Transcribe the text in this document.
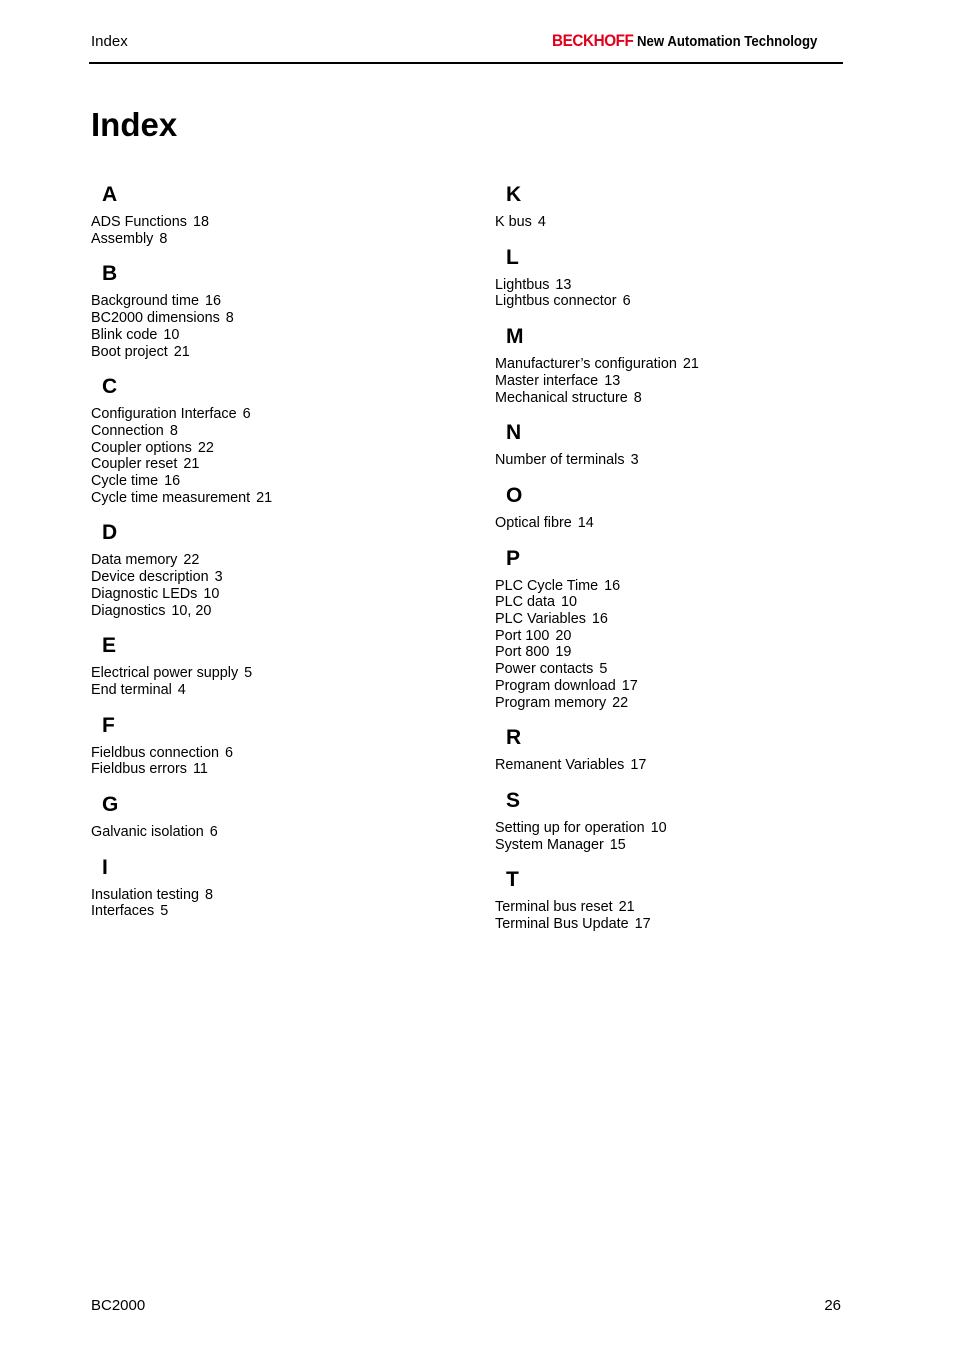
Index	BECKHOFF New Automation Technology
Index
A
ADS Functions 18
Assembly 8
B
Background time 16
BC2000 dimensions 8
Blink code 10
Boot project 21
C
Configuration Interface 6
Connection 8
Coupler options 22
Coupler reset 21
Cycle time 16
Cycle time measurement 21
D
Data memory 22
Device description 3
Diagnostic LEDs 10
Diagnostics 10, 20
E
Electrical power supply 5
End terminal 4
F
Fieldbus connection 6
Fieldbus errors 11
G
Galvanic isolation 6
I
Insulation testing 8
Interfaces 5
K
K bus 4
L
Lightbus 13
Lightbus connector 6
M
Manufacturer’s configuration 21
Master interface 13
Mechanical structure 8
N
Number of terminals 3
O
Optical fibre 14
P
PLC Cycle Time 16
PLC data 10
PLC Variables 16
Port 100 20
Port 800 19
Power contacts 5
Program download 17
Program memory 22
R
Remanent Variables 17
S
Setting up for operation 10
System Manager 15
T
Terminal bus reset 21
Terminal Bus Update 17
BC2000	26
